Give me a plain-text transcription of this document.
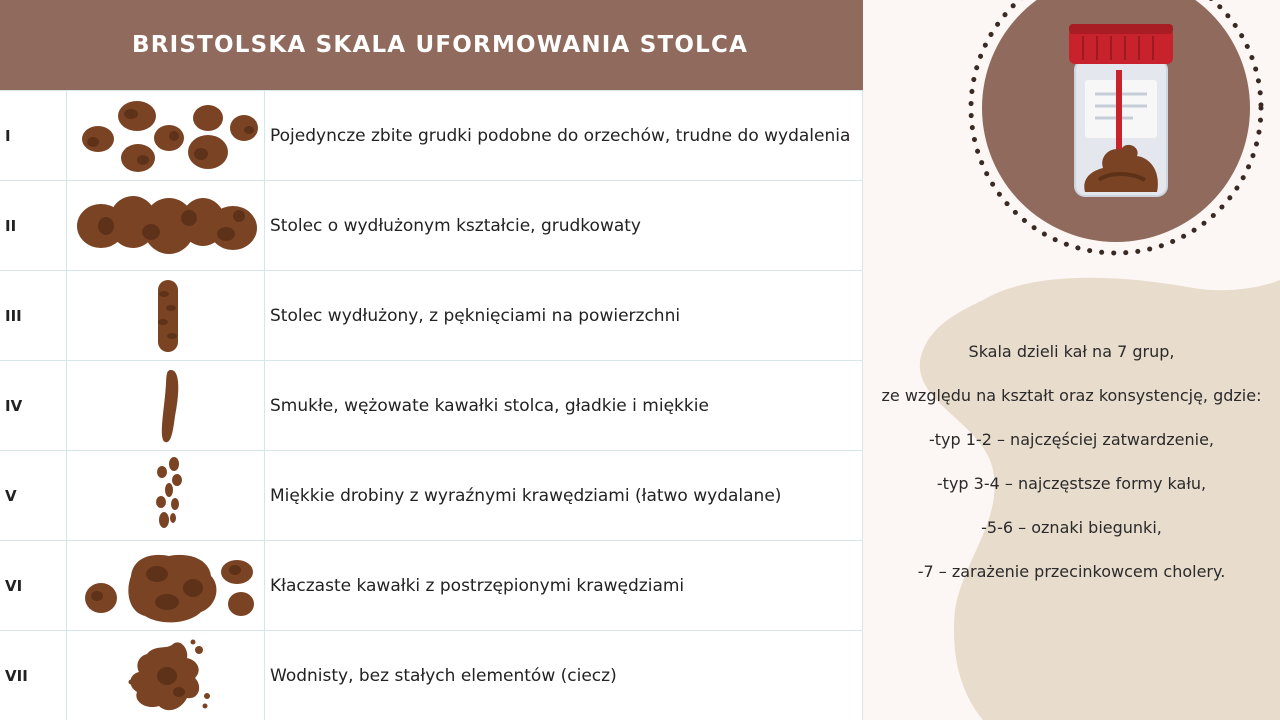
BRISTOLSKA SKALA UFORMOWANIA STOLCA
I	Pojedyncze zbite grudki podobne do orzechów, trudne do wydalenia
II	Stolec o wydłużonym kształcie, grudkowaty
III	Stolec wydłużony, z pęknięciami na powierzchni
IV	Smukłe, wężowate kawałki stolca, gładkie i miękkie
V	Miękkie drobiny z wyraźnymi krawędziami (łatwo wydalane)
VI	Kłaczaste kawałki z postrzępionymi krawędziami
VII	Wodnisty, bez stałych elementów (ciecz)

Skala dzieli kał na 7 grup,

ze względu na kształt oraz konsystencję, gdzie:

-typ 1-2 – najczęściej zatwardzenie,

-typ 3-4 – najczęstsze formy kału,

-5-6 – oznaki biegunki,

-7 – zarażenie przecinkowcem cholery.
